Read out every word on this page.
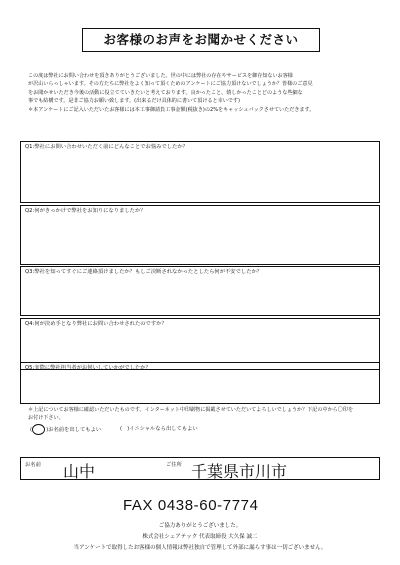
お客様のお声をお聞かせください
この度は弊社にお問い合わせを頂きありがとうございました。世の中には弊社の存在やサービスを御存知ないお客様
が沢山いらっしゃいます。その方たちに弊社をよく知って頂くためのアンケートにご協力頂けないでしょうか？皆様のご意見
をお聞かせいただき今後の活動に役立てていきたいと考えております。良かったこと、嬉しかったことどのような些細な
事でも結構です。是非ご協力お願い致します。(出来るだけ具体的に書いて頂けると幸いです)
＊本アンケートにご記入いただいたお客様には本工事御請負工事金額(税抜き)の2%をキャッシュバックさせていただきます。
Q1:弊社にお問い合わせいただく前にどんなことでお悩みでしたか？
Q2:何がきっかけで弊社をお知りになりましたか？
Q3:弊社を知ってすぐにご連絡頂けましたか？もしご決断されなかったとしたら何が不安でしたか？
Q4:何が決め手となり弊社にお問い合わせされたのですか？
Q5:実際に弊社担当者がお伺いしていかがでしたか？
＊上記についてお客様に確認いただいたものです。インターネット中印刷物に掲載させていただいてよろしいでしょうか？下記の中から〇印を
お付け下さい。
(○)お名前を出してもよい	(   )イニシャルなら出してもよい
お名前 山中	ご住所 千葉県市川市
FAX 0438-60-7774
ご協力ありがとうございました。
株式会社シェアテック 代表取締役 大久保 誠二
当アンケートで取得したお客様の個人情報は弊社独自で管理して外部に漏らす事は一切ございません。
